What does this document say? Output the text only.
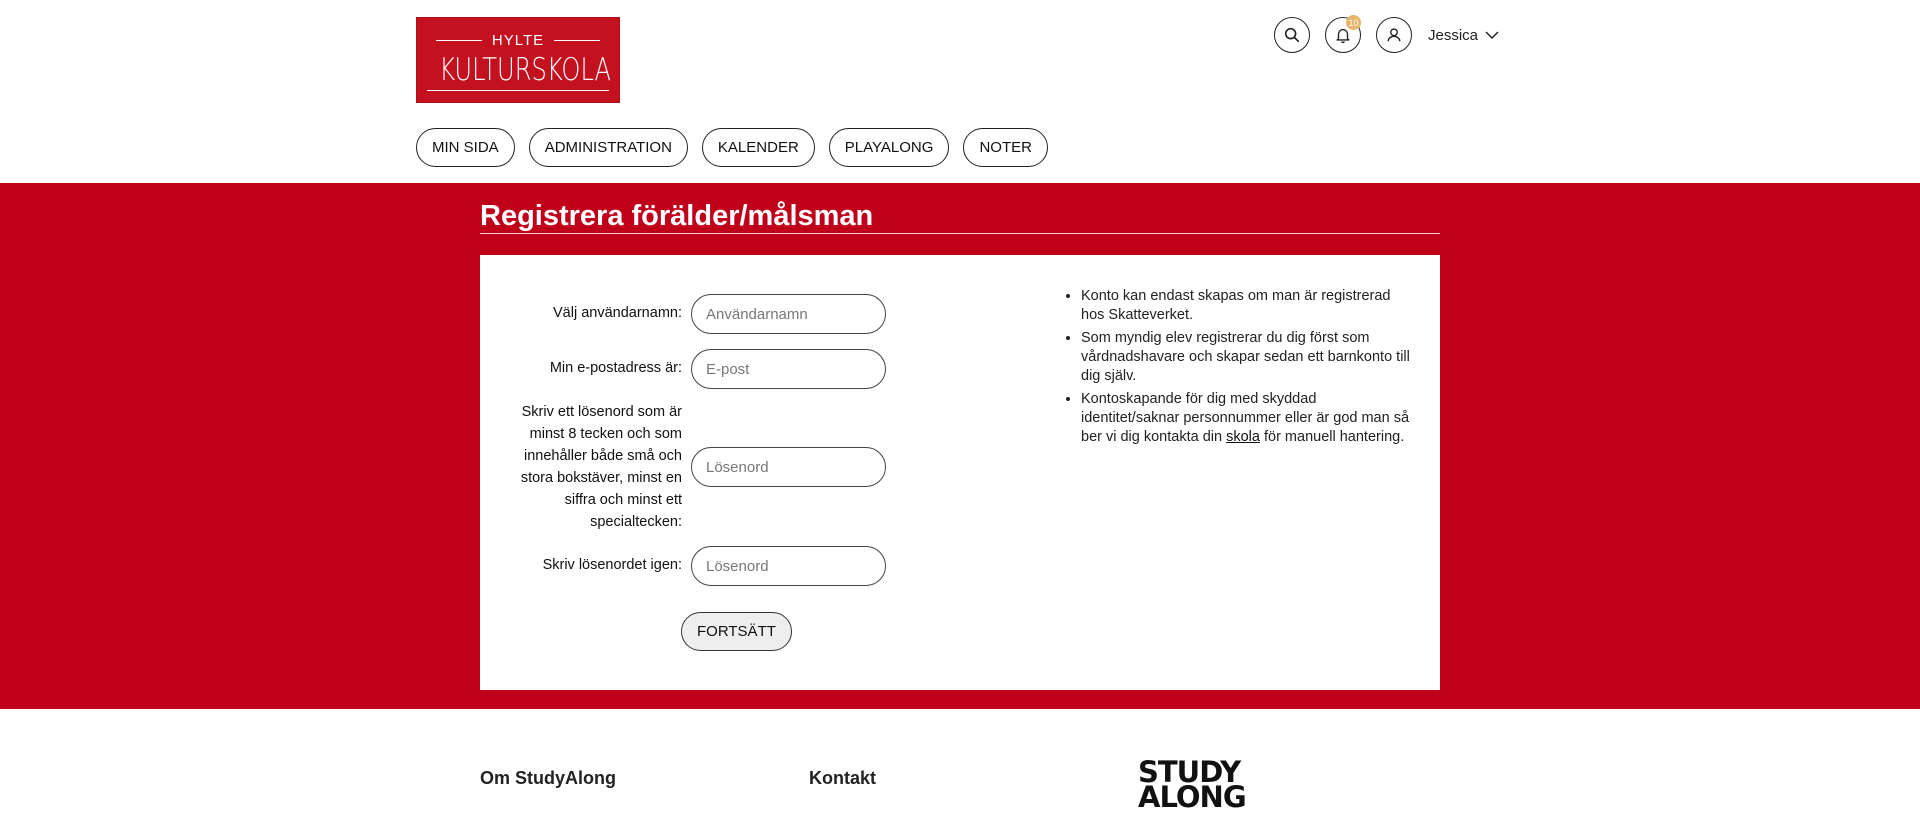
HYLTE
KULTURSKOLA
10
Jessica
MIN SIDA	ADMINISTRATION	KALENDER	PLAYALONG	NOTER
Registrera förälder/målsman
Välj användarnamn:	Användarnamn
Min e-postadress är:	E-post
Skriv ett lösenord som är
minst 8 tecken och som
innehåller både små och
stora bokstäver, minst en
siffra och minst ett
specialtecken:
Lösenord
Skriv lösenordet igen:	Lösenord
FORTSÄTT
• Konto kan endast skapas om man är registrerad
hos Skatteverket.
• Som myndig elev registrerar du dig först som
vårdnadshavare och skapar sedan ett barnkonto till
dig själv.
• Kontoskapande för dig med skyddad
identitet/saknar personnummer eller är god man så
ber vi dig kontakta din skola för manuell hantering.
Om StudyAlong	Kontakt	STUDY
ALONG
